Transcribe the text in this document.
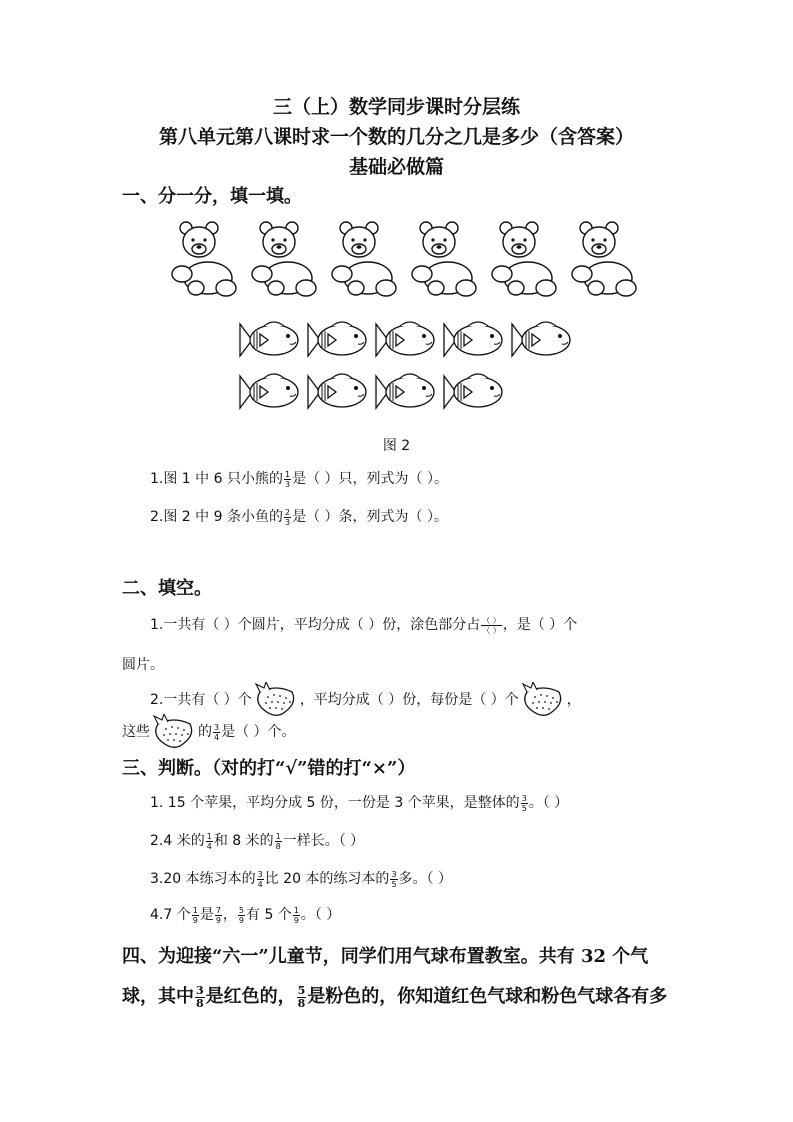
三（上）数学同步课时分层练
第八单元第八课时求一个数的几分之几是多少（含答案）
基础必做篇
一、分一分，填一填。
图 2
1.图 1 中 6 只小熊的 $\frac{1}{3}$ 是（ ）只，列式为（ ）。
2.图 2 中 9 条小鱼的 $\frac{2}{3}$ 是（ ）条，列式为（ ）。
二、填空。
1.一共有（ ）个圆片，平均分成（ ）份，涂色部分占 $\frac{( )}{( )}$ ，是（ ）个
圆片。
2.一共有（ ）个	，平均分成（ ）份，每份是（ ）个	，
这些	的 $\frac{3}{4}$ 是（ ）个。
三、判断。（对的打“√”错的打“×”）
1. 15 个苹果，平均分成 5 份，一份是 3 个苹果，是整体的 $\frac{3}{5}$ 。（ ）
2.4 米的 $\frac{1}{4}$ 和 8 米的 $\frac{1}{8}$ 一样长。（ ）
3.20 本练习本的 $\frac{3}{4}$ 比 20 本的练习本的 $\frac{3}{5}$ 多。（ ）
4.7 个 $\frac{1}{9}$ 是 $\frac{7}{9}$ ， $\frac{5}{9}$ 有 5 个 $\frac{1}{9}$ 。（ ）
四、为迎接“六一”儿童节，同学们用气球布置教室。共有 32 个气
球，其中 $\frac{3}{8}$ 是红色的， $\frac{5}{8}$ 是粉色的，你知道红色气球和粉色气球各有多
